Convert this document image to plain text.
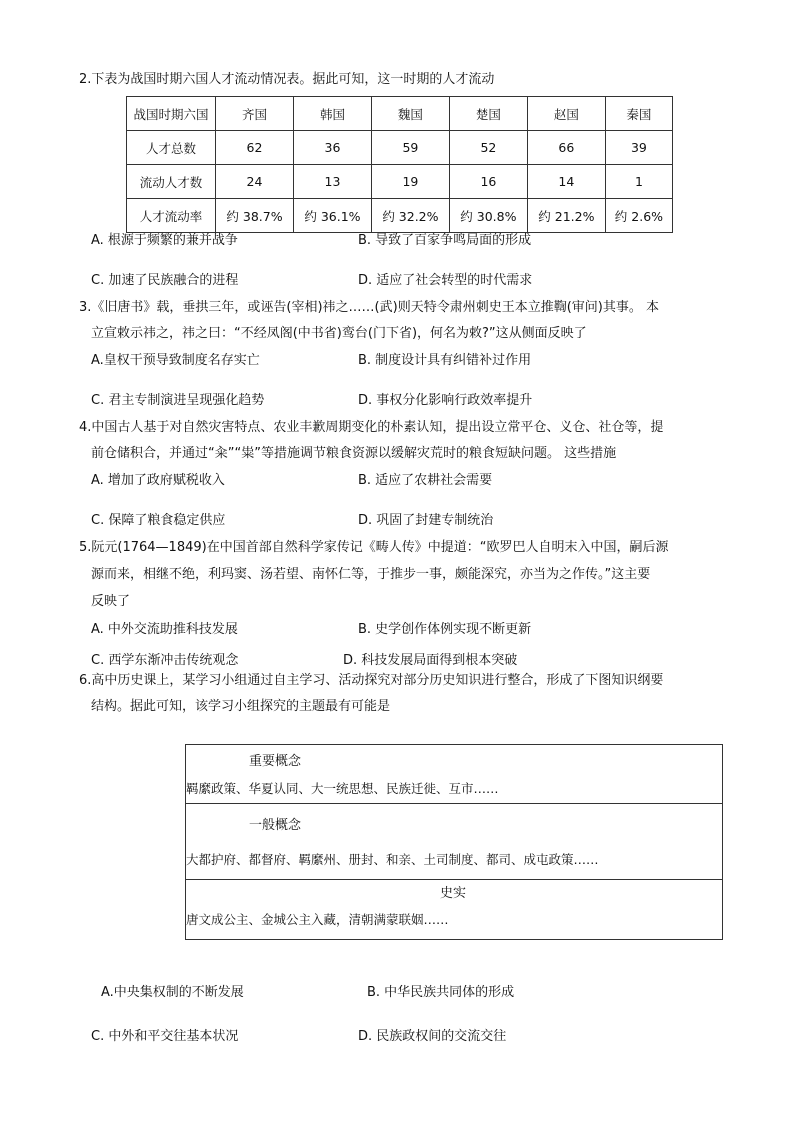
2.下表为战国时期六国人才流动情况表。据此可知，这一时期的人才流动
战国时期六国	齐国	韩国	魏国	楚国	赵国	秦国
人才总数	62	36	59	52	66	39
流动人才数	24	13	19	16	14	1
人才流动率	约 38.7%	约 36.1%	约 32.2%	约 30.8%	约 21.2%	约 2.6%
A. 根源于频繁的兼并战争	B. 导致了百家争鸣局面的形成
C. 加速了民族融合的进程	D. 适应了社会转型的时代需求
3.《旧唐书》载，垂拱三年，或诬告(宰相)祎之……(武)则天特令肃州刺史王本立推鞫(审问)其事。 本
立宣敕示祎之，祎之曰：“不经凤阁(中书省)鸾台(门下省)，何名为敕?”这从侧面反映了
A.皇权干预导致制度名存实亡	B. 制度设计具有纠错补过作用
C. 君主专制演进呈现强化趋势	D. 事权分化影响行政效率提升
4.中国古人基于对自然灾害特点、农业丰歉周期变化的朴素认知，提出设立常平仓、义仓、社仓等，提
前仓储积合，并通过“籴”“粜”等措施调节粮食资源以缓解灾荒时的粮食短缺问题。 这些措施
A. 增加了政府赋税收入	B. 适应了农耕社会需要
C. 保障了粮食稳定供应	D. 巩固了封建专制统治
5.阮元(1764—1849)在中国首部自然科学家传记《畴人传》中提道：“欧罗巴人自明末入中国，嗣后源
源而来，相继不绝，利玛窦、汤若望、南怀仁等，于推步一事，颇能深究，亦当为之作传。”这主要
反映了
A. 中外交流助推科技发展	B. 史学创作体例实现不断更新
C. 西学东渐冲击传统观念	D. 科技发展局面得到根本突破
6.高中历史课上，某学习小组通过自主学习、活动探究对部分历史知识进行整合，形成了下图知识纲要
结构。据此可知，该学习小组探究的主题最有可能是
重要概念
羁縻政策、华夏认同、大一统思想、民族迁徙、互市……
一般概念
大都护府、都督府、羁縻州、册封、和亲、土司制度、都司、成屯政策……
史实
唐文成公主、金城公主入藏，清朝满蒙联姻……
A.中央集权制的不断发展	B. 中华民族共同体的形成
C. 中外和平交往基本状况	D. 民族政权间的交流交往
